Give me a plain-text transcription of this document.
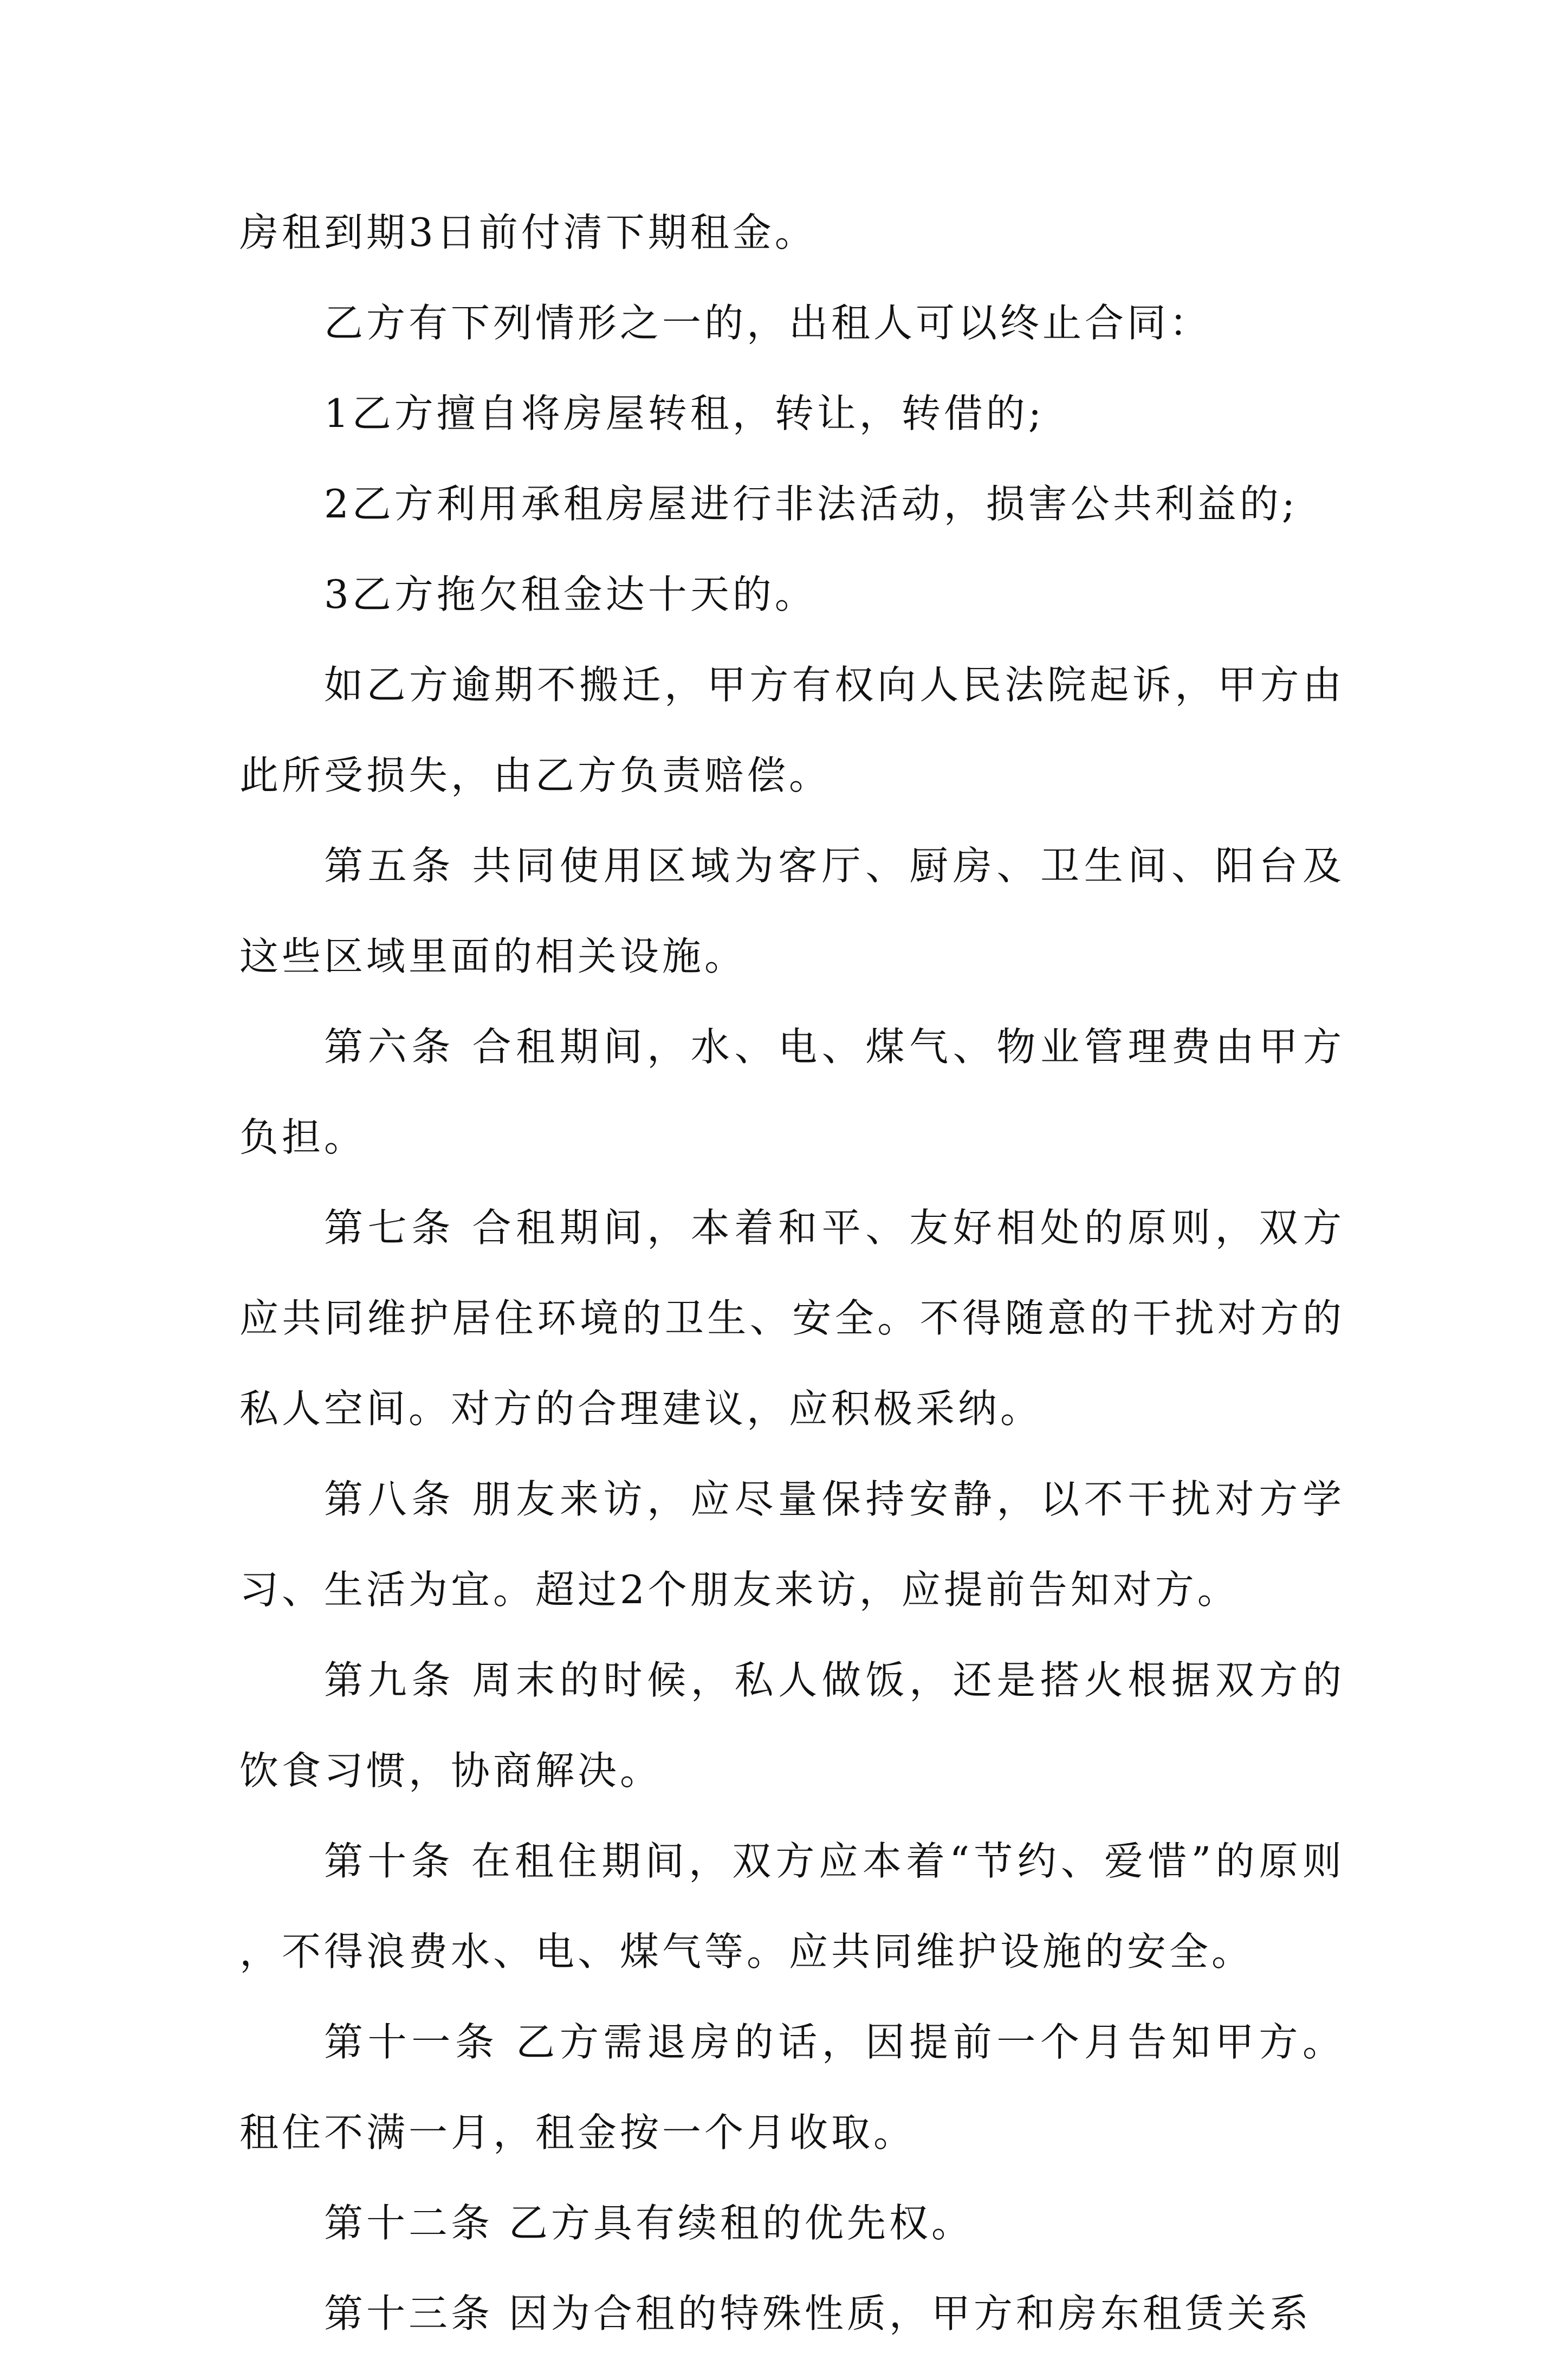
房租到期3日前付清下期租金。

乙方有下列情形之一的，出租人可以终止合同：

1乙方擅自将房屋转租，转让，转借的;

2乙方利用承租房屋进行非法活动，损害公共利益的;

3乙方拖欠租金达十天的。

如乙方逾期不搬迁，甲方有权向人民法院起诉，甲方由此所受损失，由乙方负责赔偿。

第五条 共同使用区域为客厅、厨房、卫生间、阳台及这些区域里面的相关设施。

第六条 合租期间，水、电、煤气、物业管理费由甲方负担。

第七条 合租期间，本着和平、友好相处的原则，双方应共同维护居住环境的卫生、安全。不得随意的干扰对方的私人空间。对方的合理建议，应积极采纳。

第八条 朋友来访，应尽量保持安静，以不干扰对方学习、生活为宜。超过2个朋友来访，应提前告知对方。

第九条 周末的时候，私人做饭，还是搭火根据双方的饮食习惯，协商解决。

第十条 在租住期间，双方应本着“节约、爱惜”的原则，不得浪费水、电、煤气等。应共同维护设施的安全。

第十一条 乙方需退房的话，因提前一个月告知甲方。租住不满一月，租金按一个月收取。

第十二条 乙方具有续租的优先权。

第十三条 因为合租的特殊性质，甲方和房东租赁关系
